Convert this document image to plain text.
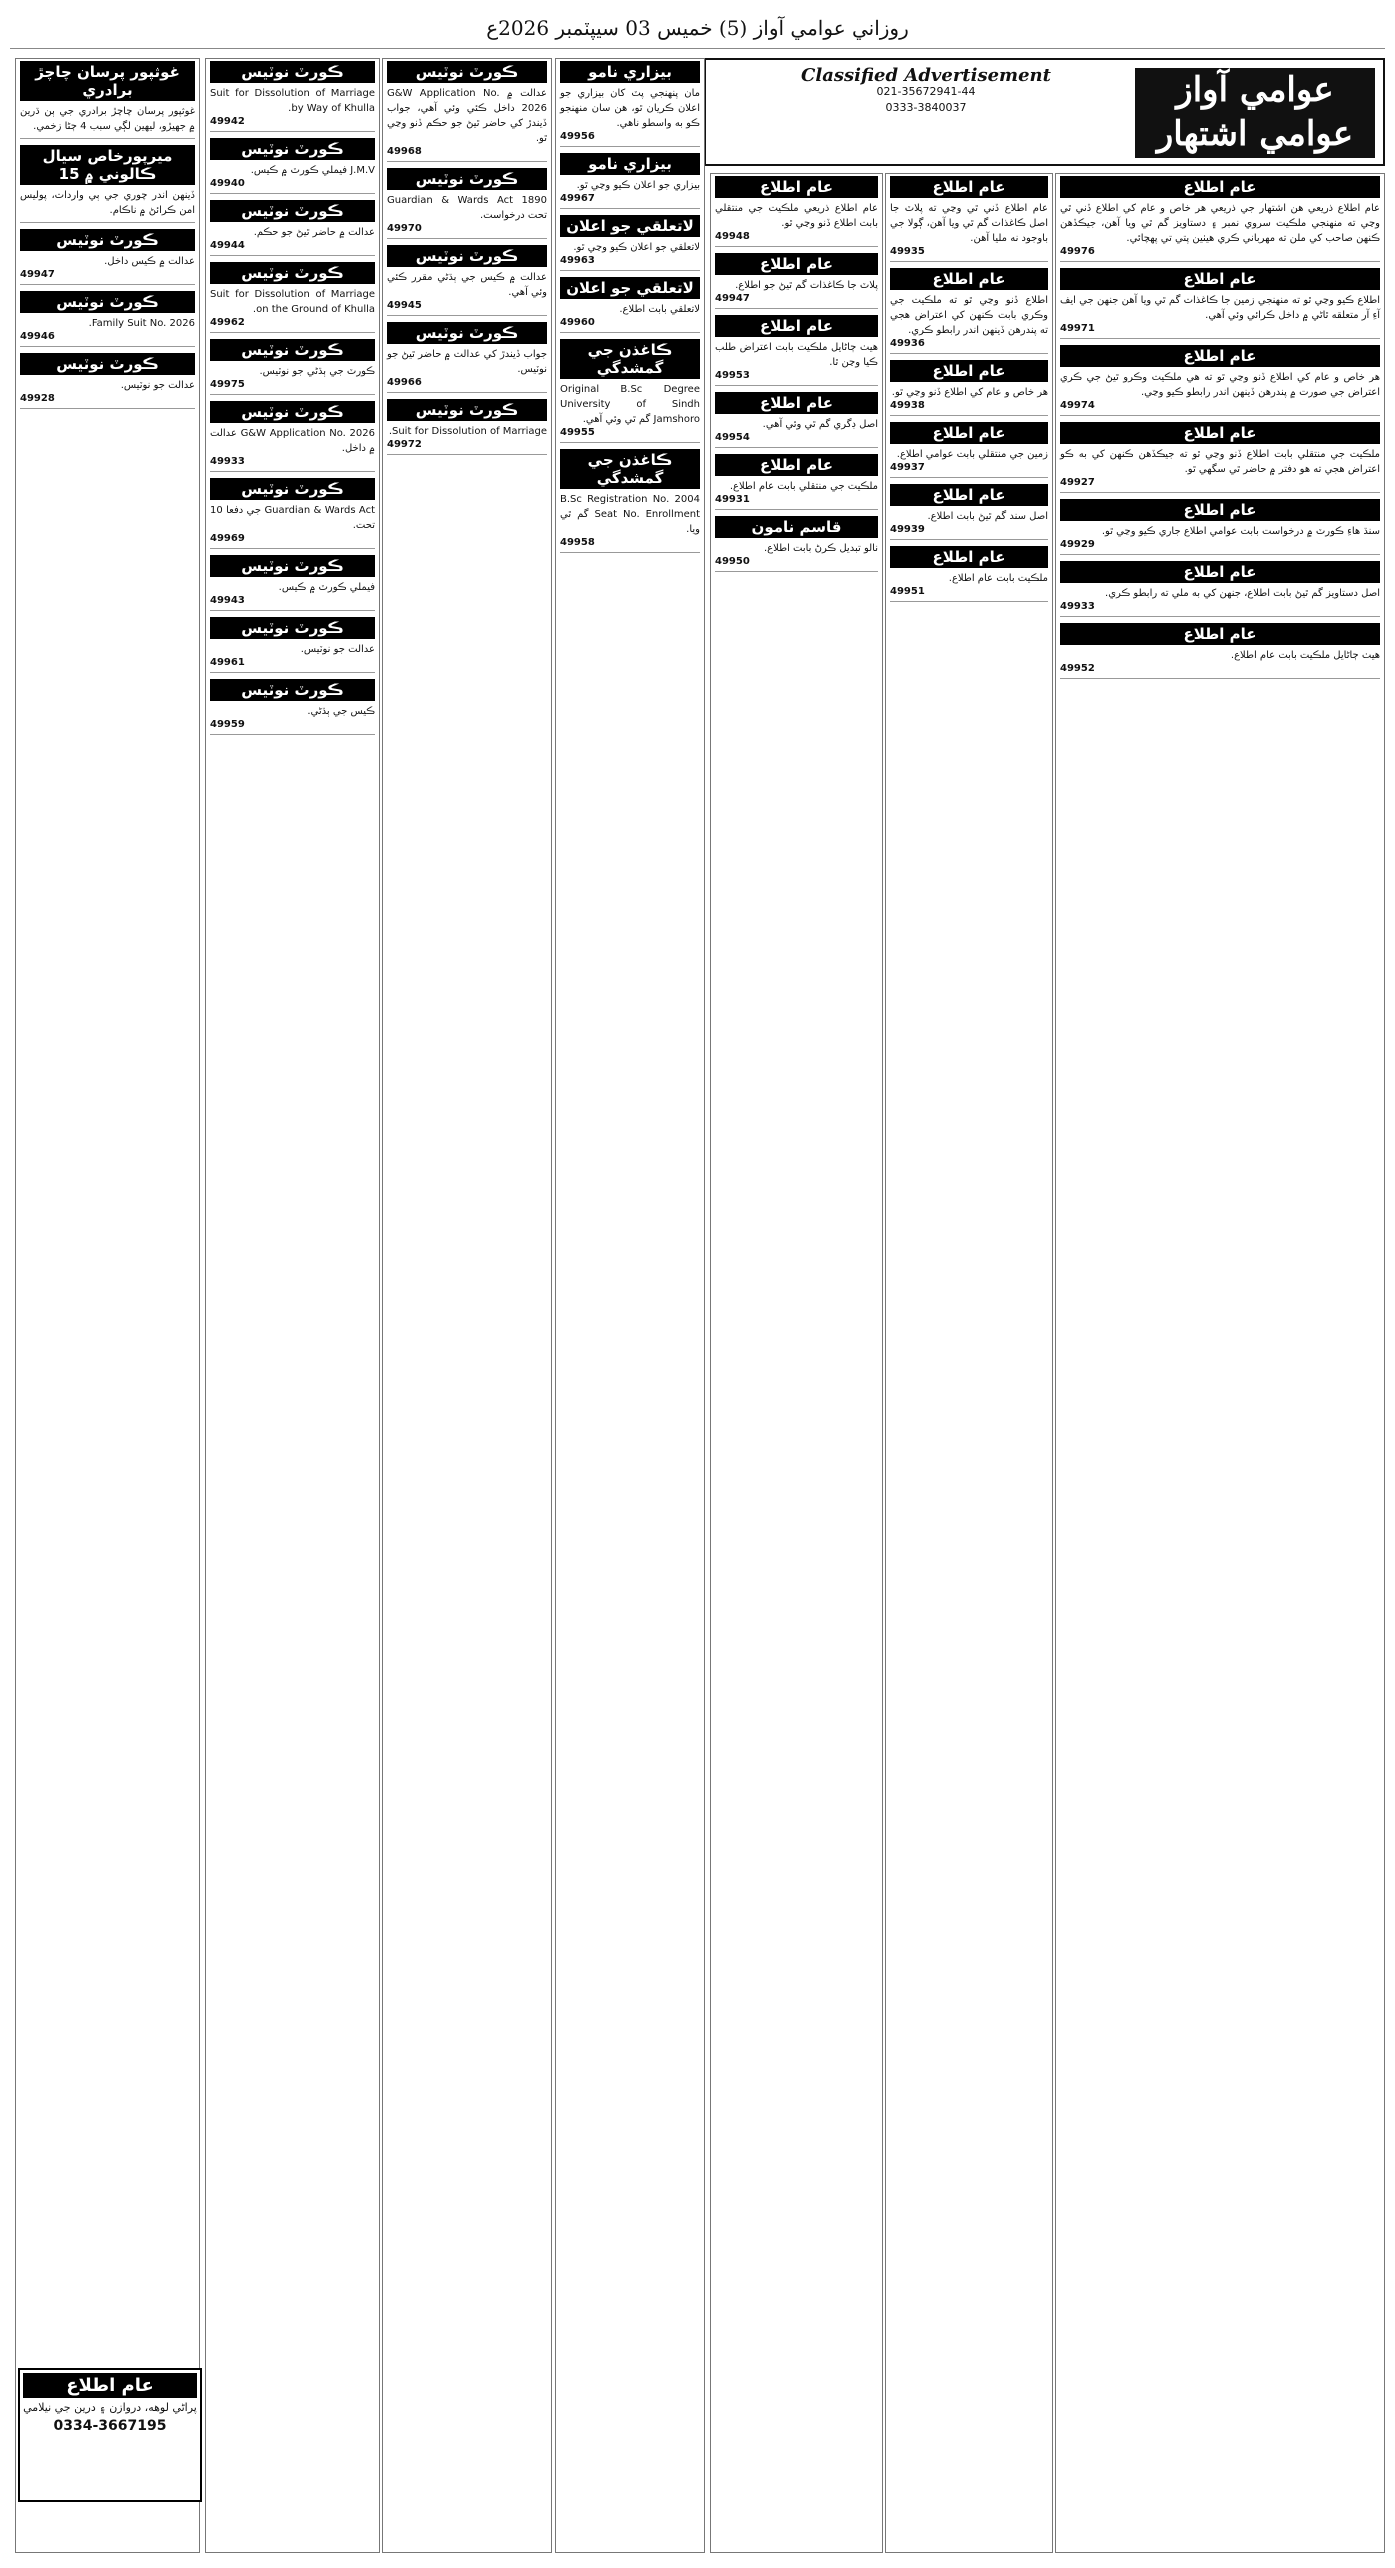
روزاني عوامي آواز (5) خميس 03 سيپٽمبر 2026ع
عوامي آواز
عوامي اشتهار
Classified Advertisement
021-35672941-44
0333-3840037
عام اطلاع
عام اطلاع ذريعي هن اشتهار جي ذريعي هر خاص و عام کي اطلاع ڏني ٿي وڃي ته منهنجي ملڪيت سروي نمبر ۽ دستاويز گم ٿي ويا آهن، جيڪڏهن ڪنهن صاحب کي ملن ته مهرباني ڪري هيٺين پتي تي پهچائي.
49976
عام اطلاع
اطلاع ڪيو وڃي ٿو ته منهنجي زمين جا ڪاغذات گم ٿي ويا آهن جنهن جي ايف آءِ آر متعلقه ٿاڻي ۾ داخل ڪرائي وئي آهي.
49971
عام اطلاع
هر خاص و عام کي اطلاع ڏنو وڃي ٿو ته هي ملڪيت وڪرو ٿيڻ جي ڪري اعتراض جي صورت ۾ پندرهن ڏينهن اندر رابطو ڪيو وڃي.
49974
عام اطلاع
ملڪيت جي منتقلي بابت اطلاع ڏنو وڃي ٿو ته جيڪڏهن ڪنهن کي به ڪو اعتراض هجي ته هو دفتر ۾ حاضر ٿي سگهي ٿو.
49927
عام اطلاع
سنڌ هاءِ ڪورٽ ۾ درخواست بابت عوامي اطلاع جاري ڪيو وڃي ٿو.
49929
عام اطلاع
اصل دستاويز گم ٿيڻ بابت اطلاع، جنهن کي به ملي ته رابطو ڪري.
49933
عام اطلاع
هيٺ ڄاڻايل ملڪيت بابت عام اطلاع.
49952
عام اطلاع
عام اطلاع ڏني ٿي وڃي ته پلاٽ جا اصل ڪاغذات گم ٿي ويا آهن، ڳولا جي باوجود نه مليا آهن.
49935
عام اطلاع
اطلاع ڏنو وڃي ٿو ته ملڪيت جي وڪري بابت ڪنهن کي اعتراض هجي ته پندرهن ڏينهن اندر رابطو ڪري.
49936
عام اطلاع
هر خاص و عام کي اطلاع ڏنو وڃي ٿو.
49938
عام اطلاع
زمين جي منتقلي بابت عوامي اطلاع.
49937
عام اطلاع
اصل سند گم ٿيڻ بابت اطلاع.
49939
عام اطلاع
ملڪيت بابت عام اطلاع.
49951
عام اطلاع
عام اطلاع ذريعي ملڪيت جي منتقلي بابت اطلاع ڏنو وڃي ٿو.
49948
عام اطلاع
پلاٽ جا ڪاغذات گم ٿيڻ جو اطلاع.
49947
عام اطلاع
هيٺ ڄاڻايل ملڪيت بابت اعتراض طلب ڪيا وڃن ٿا.
49953
عام اطلاع
اصل ڊگري گم ٿي وئي آهي.
49954
عام اطلاع
ملڪيت جي منتقلي بابت عام اطلاع.
49931
قاسم نامون
نالو تبديل ڪرڻ بابت اطلاع.
49950
بيزاري نامو
مان پنهنجي پٽ کان بيزاري جو اعلان ڪريان ٿو، هن سان منهنجو ڪو به واسطو ناهي.
49956
بيزاري نامو
بيزاري جو اعلان ڪيو وڃي ٿو.
49967
لاتعلقي جو اعلان
لاتعلقي جو اعلان ڪيو وڃي ٿو.
49963
لاتعلقي جو اعلان
لاتعلقي بابت اطلاع.
49960
ڪاغذن جي گمشدگي
Original B.Sc Degree University of Sindh Jamshoro گم ٿي وئي آهي.
49955
ڪاغذن جي گمشدگي
B.Sc Registration No. 2004 Seat No. Enrollment گم ٿي ويا.
49958
ڪورٽ نوٽيس
عدالت ۾ G&W Application No. 2026 داخل ڪئي وئي آهي، جواب ڏيندڙ کي حاضر ٿيڻ جو حڪم ڏنو وڃي ٿو.
49968
ڪورٽ نوٽيس
Guardian & Wards Act 1890 تحت درخواست.
49970
ڪورٽ نوٽيس
عدالت ۾ ڪيس جي ٻڌڻي مقرر ڪئي وئي آهي.
49945
ڪورٽ نوٽيس
جواب ڏيندڙ کي عدالت ۾ حاضر ٿيڻ جو نوٽيس.
49966
ڪورٽ نوٽيس
Suit for Dissolution of Marriage.
49972
ڪورٽ نوٽيس
Suit for Dissolution of Marriage by Way of Khulla.
49942
ڪورٽ نوٽيس
J.M.V فيملي ڪورٽ ۾ ڪيس.
49940
ڪورٽ نوٽيس
عدالت ۾ حاضر ٿيڻ جو حڪم.
49944
ڪورٽ نوٽيس
Suit for Dissolution of Marriage on the Ground of Khulla.
49962
ڪورٽ نوٽيس
ڪورٽ جي ٻڌڻي جو نوٽيس.
49975
ڪورٽ نوٽيس
G&W Application No. 2026 عدالت ۾ داخل.
49933
ڪورٽ نوٽيس
Guardian & Wards Act جي دفعا 10 تحت.
49969
ڪورٽ نوٽيس
فيملي ڪورٽ ۾ ڪيس.
49943
ڪورٽ نوٽيس
عدالت جو نوٽيس.
49961
ڪورٽ نوٽيس
ڪيس جي ٻڌڻي.
49959
غوثپور پرسان چاچڙ برادري
غوثپور پرسان چاچڙ برادري جي ٻن ڌرين ۾ جهيڙو، ليهين لڳي سبب 4 ڄڻا زخمي.
ميرپورخاص سيال ڪالوني ۾ 15
ڏينهن اندر چوري جي ٻي واردات، پوليس امن ڪرائڻ ۾ ناڪام.
ڪورٽ نوٽيس
عدالت ۾ ڪيس داخل.
49947
ڪورٽ نوٽيس
Family Suit No. 2026.
49946
ڪورٽ نوٽيس
عدالت جو نوٽيس.
49928
عام اطلاع
پراڻي لوهه، دروازن ۽ درين جي نيلامي
0334-3667195
